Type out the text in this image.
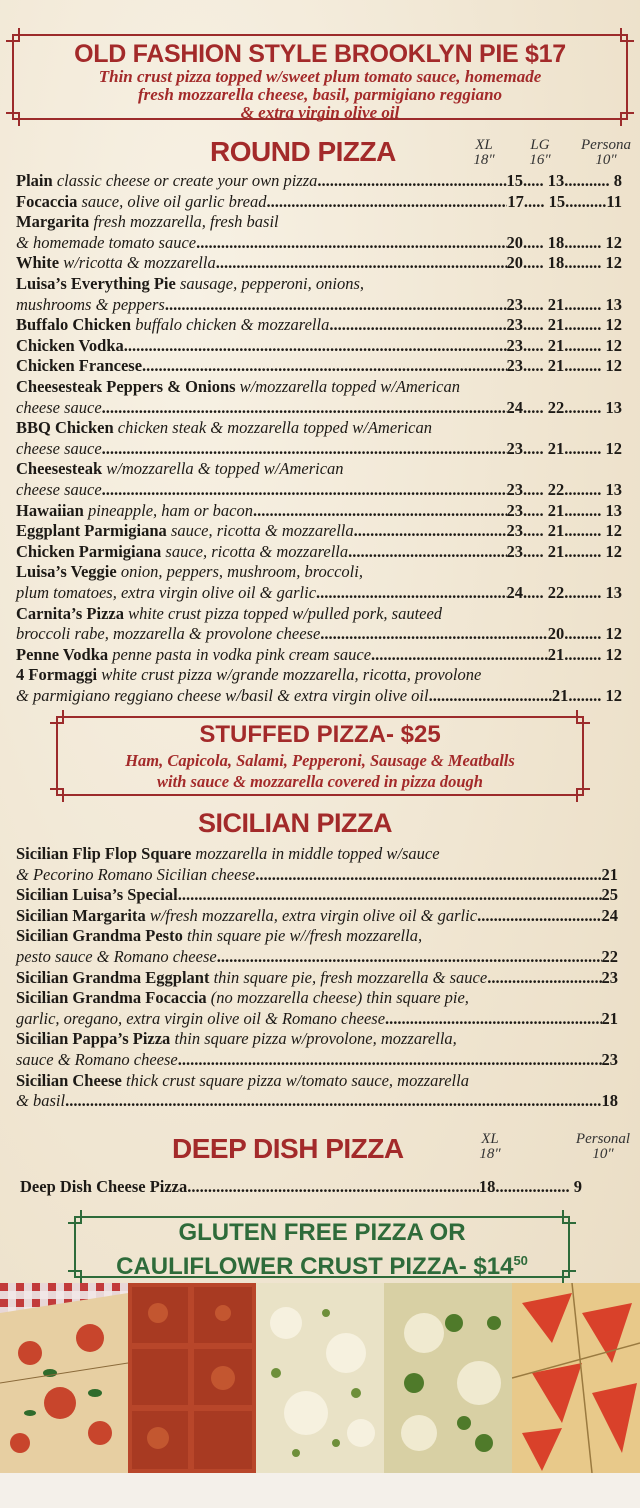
OLD FASHION STYLE BROOKLYN PIE $17
Thin crust pizza topped w/sweet plum tomato sauce, homemade
fresh mozzarella cheese, basil, parmigiano reggiano
& extra virgin olive oil
ROUND PIZZA	XL
18″
LG
16″
Persona
10″
Plain classic cheese or create your own pizza .....	15..... 13........... 8
Focaccia sauce, olive oil garlic bread .....	17..... 15..........11
Margarita fresh mozzarella, fresh basil
& homemade tomato sauce .....	20..... 18......... 12
White w/ricotta & mozzarella .....	20..... 18......... 12
Luisa’s Everything Pie sausage, pepperoni, onions,
mushrooms & peppers .....	23..... 21......... 13
Buffalo Chicken buffalo chicken & mozzarella .....	23..... 21......... 12
Chicken Vodka .....	23..... 21......... 12
Chicken Francese .....	23..... 21......... 12
Cheesesteak Peppers & Onions w/mozzarella topped w/American
cheese sauce .....	24..... 22......... 13
BBQ Chicken chicken steak & mozzarella topped w/American
cheese sauce .....	23..... 21......... 12
Cheesesteak w/mozzarella & topped w/American
cheese sauce .....	23..... 22......... 13
Hawaiian pineapple, ham or bacon .....	23..... 21......... 13
Eggplant Parmigiana sauce, ricotta & mozzarella .....	23..... 21......... 12
Chicken Parmigiana sauce, ricotta & mozzarella .....	23..... 21......... 12
Luisa’s Veggie onion, peppers, mushroom, broccoli,
plum tomatoes, extra virgin olive oil & garlic .....	24..... 22......... 13
Carnita’s Pizza white crust pizza topped w/pulled pork, sauteed
broccoli rabe, mozzarella & provolone cheese .....	20......... 12
Penne Vodka penne pasta in vodka pink cream sauce .....	21......... 12
4 Formaggi white crust pizza w/grande mozzarella, ricotta, provolone
& parmigiano reggiano cheese w/basil & extra virgin olive oil .....	21........ 12
STUFFED PIZZA- $25
Ham, Capicola, Salami, Pepperoni, Sausage & Meatballs
with sauce & mozzarella covered in pizza dough
SICILIAN PIZZA
Sicilian Flip Flop Square mozzarella in middle topped w/sauce
& Pecorino Romano Sicilian cheese .....	21
Sicilian Luisa’s Special .....	25
Sicilian Margarita w/fresh mozzarella, extra virgin olive oil & garlic .....	24
Sicilian Grandma Pesto thin square pie w//fresh mozzarella,
pesto sauce & Romano cheese .....	22
Sicilian Grandma Eggplant thin square pie, fresh mozzarella & sauce .....	23
Sicilian Grandma Focaccia (no mozzarella cheese) thin square pie,
garlic, oregano, extra virgin olive oil & Romano cheese .....	21
Sicilian Pappa’s Pizza thin square pizza w/provolone, mozzarella,
sauce & Romano cheese .....	23
Sicilian Cheese thick crust square pizza w/tomato sauce, mozzarella
& basil .....	18
DEEP DISH PIZZA	XL
18″
Personal
10″
Deep Dish Cheese Pizza .....	18.................. 9
GLUTEN FREE PIZZA OR
CAULIFLOWER CRUST PIZZA- $\$14^{50}$
